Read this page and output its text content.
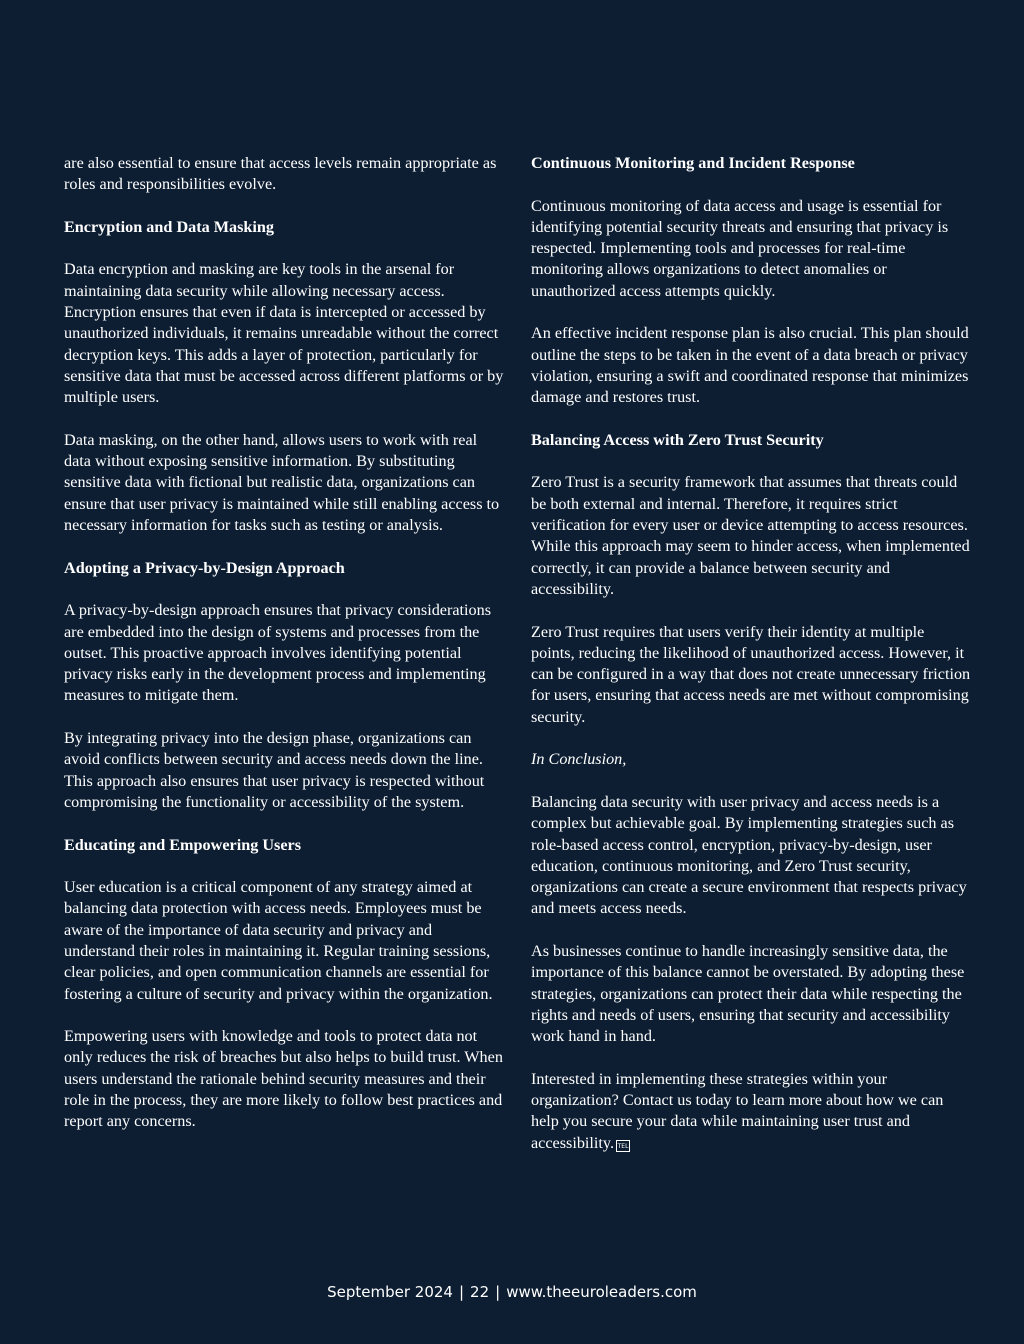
are also essential to ensure that access levels remain appropriate as roles and responsibilities evolve.

Encryption and Data Masking

Data encryption and masking are key tools in the arsenal for maintaining data security while allowing necessary access. Encryption ensures that even if data is intercepted or accessed by unauthorized individuals, it remains unreadable without the correct decryption keys. This adds a layer of protection, particularly for sensitive data that must be accessed across different platforms or by multiple users.

Data masking, on the other hand, allows users to work with real data without exposing sensitive information. By substituting sensitive data with fictional but realistic data, organizations can ensure that user privacy is maintained while still enabling access to necessary information for tasks such as testing or analysis.

Adopting a Privacy-by-Design Approach

A privacy-by-design approach ensures that privacy considerations are embedded into the design of systems and processes from the outset. This proactive approach involves identifying potential privacy risks early in the development process and implementing measures to mitigate them.

By integrating privacy into the design phase, organizations can avoid conflicts between security and access needs down the line. This approach also ensures that user privacy is respected without compromising the functionality or accessibility of the system.

Educating and Empowering Users

User education is a critical component of any strategy aimed at balancing data protection with access needs. Employees must be aware of the importance of data security and privacy and understand their roles in maintaining it. Regular training sessions, clear policies, and open communication channels are essential for fostering a culture of security and privacy within the organization.

Empowering users with knowledge and tools to protect data not only reduces the risk of breaches but also helps to build trust. When users understand the rationale behind security measures and their role in the process, they are more likely to follow best practices and report any concerns.

Continuous Monitoring and Incident Response

Continuous monitoring of data access and usage is essential for identifying potential security threats and ensuring that privacy is respected. Implementing tools and processes for real-time monitoring allows organizations to detect anomalies or unauthorized access attempts quickly.

An effective incident response plan is also crucial. This plan should outline the steps to be taken in the event of a data breach or privacy violation, ensuring a swift and coordinated response that minimizes damage and restores trust.

Balancing Access with Zero Trust Security

Zero Trust is a security framework that assumes that threats could be both external and internal. Therefore, it requires strict verification for every user or device attempting to access resources. While this approach may seem to hinder access, when implemented correctly, it can provide a balance between security and accessibility.

Zero Trust requires that users verify their identity at multiple points, reducing the likelihood of unauthorized access. However, it can be configured in a way that does not create unnecessary friction for users, ensuring that access needs are met without compromising security.

In Conclusion,

Balancing data security with user privacy and access needs is a complex but achievable goal. By implementing strategies such as role-based access control, encryption, privacy-by-design, user education, continuous monitoring, and Zero Trust security, organizations can create a secure environment that respects privacy and meets access needs.

As businesses continue to handle increasingly sensitive data, the importance of this balance cannot be overstated. By adopting these strategies, organizations can protect their data while respecting the rights and needs of users, ensuring that security and accessibility work hand in hand.

Interested in implementing these strategies within your organization? Contact us today to learn more about how we can help you secure your data while maintaining user trust and accessibility. TEL

September 2024 | 22 | www.theeuroleaders.com
